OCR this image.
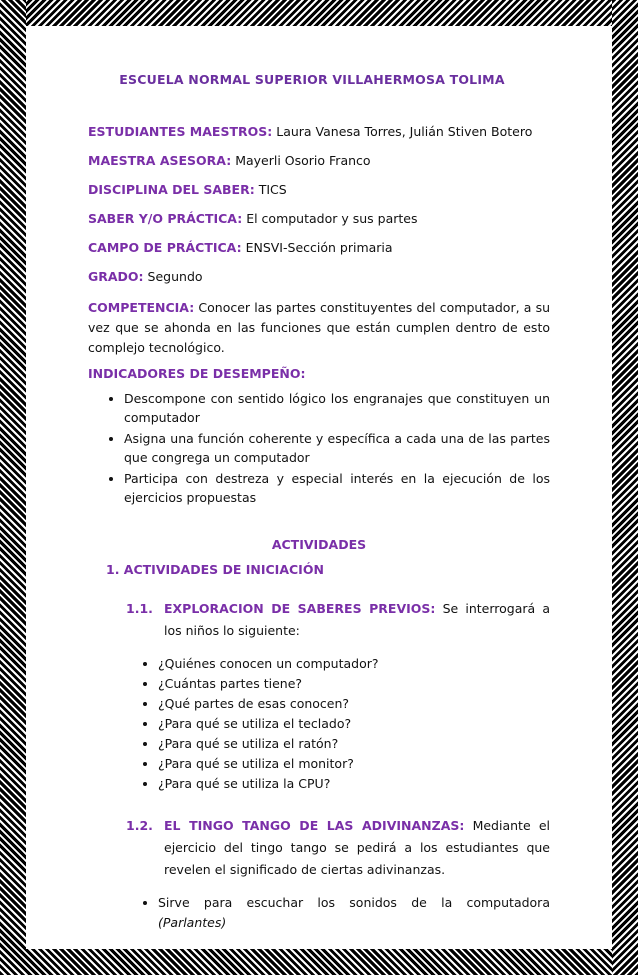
ESCUELA NORMAL SUPERIOR VILLAHERMOSA TOLIMA
ESTUDIANTES MAESTROS: Laura Vanesa Torres, Julián Stiven Botero
MAESTRA ASESORA: Mayerli Osorio Franco
DISCIPLINA DEL SABER: TICS
SABER Y/O PRÁCTICA: El computador y sus partes
CAMPO DE PRÁCTICA: ENSVI-Sección primaria
GRADO: Segundo
COMPETENCIA: Conocer las partes constituyentes del computador, a su vez que se ahonda en las funciones que están cumplen dentro de esto complejo tecnológico.
INDICADORES DE DESEMPEÑO:
• Descompone con sentido lógico los engranajes que constituyen un computador
• Asigna una función coherente y específica a cada una de las partes que congrega un computador
• Participa con destreza y especial interés en la ejecución de los ejercicios propuestas
ACTIVIDADES
1. ACTIVIDADES DE INICIACIÓN
1.1. EXPLORACION DE SABERES PREVIOS: Se interrogará a los niños lo siguiente:
• ¿Quiénes conocen un computador?
• ¿Cuántas partes tiene?
• ¿Qué partes de esas conocen?
• ¿Para qué se utiliza el teclado?
• ¿Para qué se utiliza el ratón?
• ¿Para qué se utiliza el monitor?
• ¿Para qué se utiliza la CPU?
1.2. EL TINGO TANGO DE LAS ADIVINANZAS: Mediante el ejercicio del tingo tango se pedirá a los estudiantes que revelen el significado de ciertas adivinanzas.
• Sirve para escuchar los sonidos de la computadora (Parlantes)
